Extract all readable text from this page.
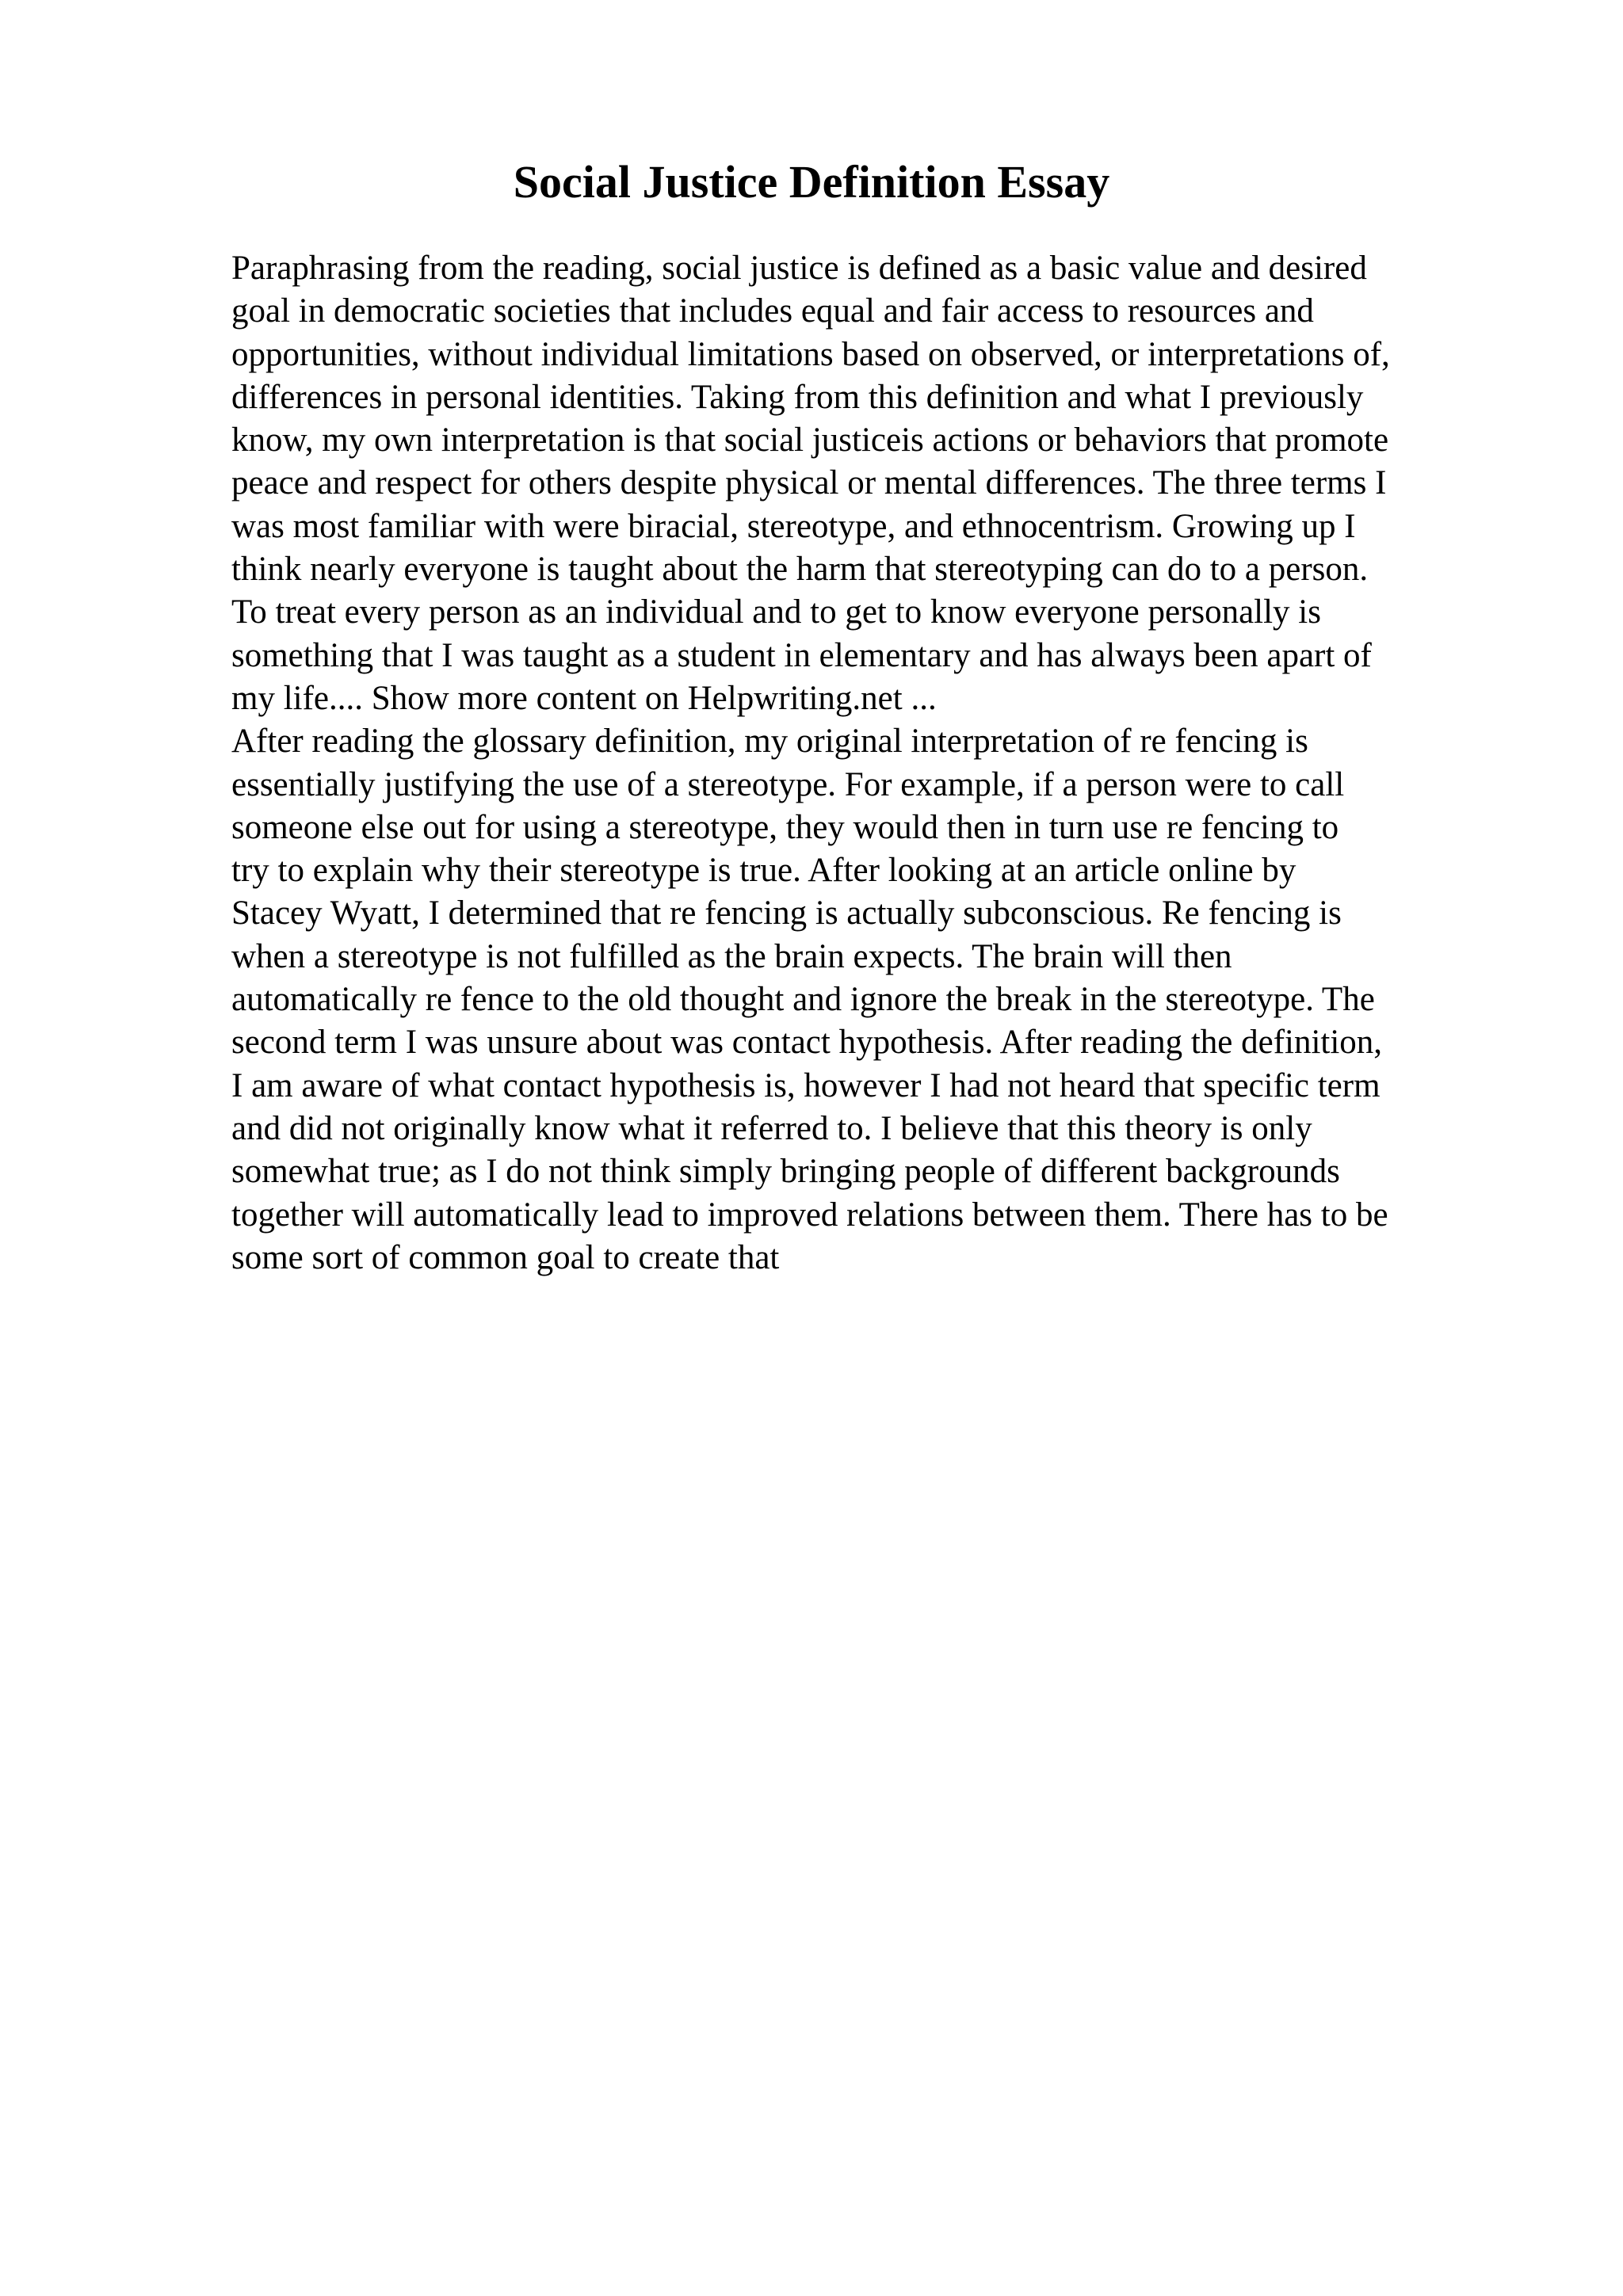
Social Justice Definition Essay
Paraphrasing from the reading, social justice is defined as a basic value and desired
goal in democratic societies that includes equal and fair access to resources and
opportunities, without individual limitations based on observed, or interpretations of,
differences in personal identities. Taking from this definition and what I previously
know, my own interpretation is that social justiceis actions or behaviors that promote
peace and respect for others despite physical or mental differences. The three terms I
was most familiar with were biracial, stereotype, and ethnocentrism. Growing up I
think nearly everyone is taught about the harm that stereotyping can do to a person.
To treat every person as an individual and to get to know everyone personally is
something that I was taught as a student in elementary and has always been apart of
my life.... Show more content on Helpwriting.net ...
After reading the glossary definition, my original interpretation of re fencing is
essentially justifying the use of a stereotype. For example, if a person were to call
someone else out for using a stereotype, they would then in turn use re fencing to
try to explain why their stereotype is true. After looking at an article online by
Stacey Wyatt, I determined that re fencing is actually subconscious. Re fencing is
when a stereotype is not fulfilled as the brain expects. The brain will then
automatically re fence to the old thought and ignore the break in the stereotype. The
second term I was unsure about was contact hypothesis. After reading the definition,
I am aware of what contact hypothesis is, however I had not heard that specific term
and did not originally know what it referred to. I believe that this theory is only
somewhat true; as I do not think simply bringing people of different backgrounds
together will automatically lead to improved relations between them. There has to be
some sort of common goal to create that
